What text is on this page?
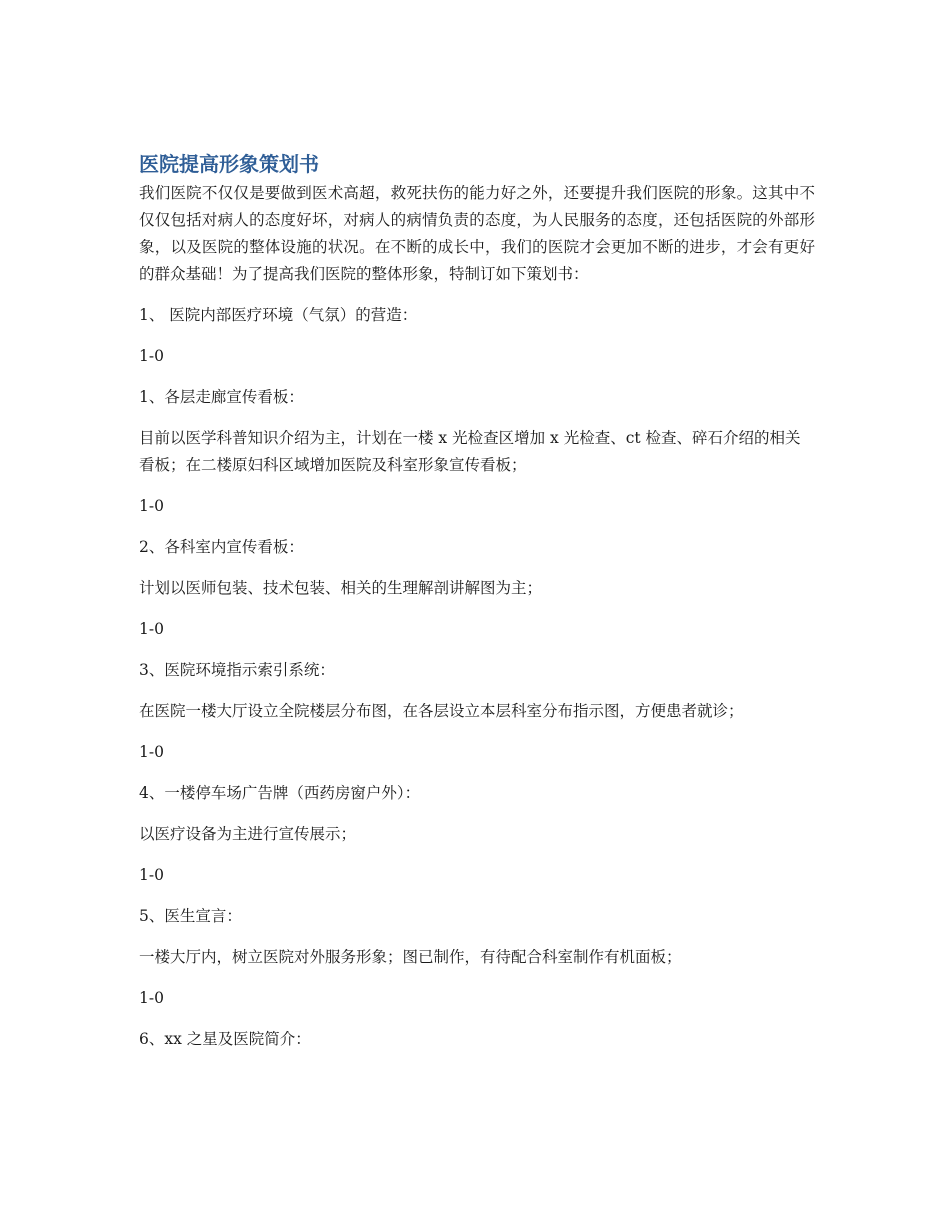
医院提高形象策划书

我们医院不仅仅是要做到医术高超，救死扶伤的能力好之外，还要提升我们医院的形象。这其中不仅仅包括对病人的态度好坏，对病人的病情负责的态度，为人民服务的态度，还包括医院的外部形象，以及医院的整体设施的状况。在不断的成长中，我们的医院才会更加不断的进步，才会有更好的群众基础！为了提高我们医院的整体形象，特制订如下策划书：

1、 医院内部医疗环境（气氛）的营造：

1-0

1、各层走廊宣传看板：

目前以医学科普知识介绍为主，计划在一楼 x 光检查区增加 x 光检查、ct 检查、碎石介绍的相关看板；在二楼原妇科区域增加医院及科室形象宣传看板；

1-0

2、各科室内宣传看板：

计划以医师包装、技术包装、相关的生理解剖讲解图为主；

1-0

3、医院环境指示索引系统：

在医院一楼大厅设立全院楼层分布图，在各层设立本层科室分布指示图，方便患者就诊；

1-0

4、一楼停车场广告牌（西药房窗户外）：

以医疗设备为主进行宣传展示；

1-0

5、医生宣言：

一楼大厅内，树立医院对外服务形象；图已制作，有待配合科室制作有机面板；

1-0

6、xx 之星及医院简介：
